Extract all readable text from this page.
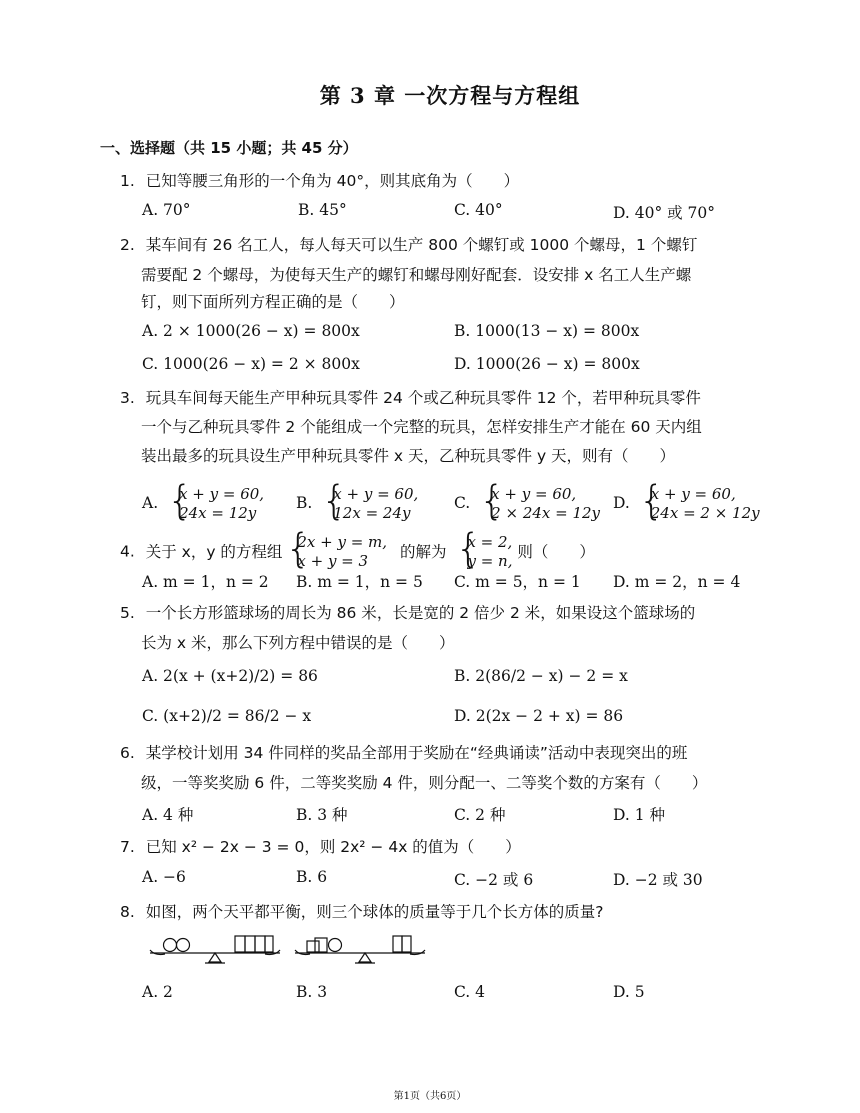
第 3 章 一次方程与方程组
一、选择题（共 15 小题；共 45 分）
1. 已知等腰三角形的一个角为 40°，则其底角为（　　）
A. 70°	B. 45°	C. 40°	D. 40° 或 70°
2. 某车间有 26 名工人，每人每天可以生产 800 个螺钉或 1000 个螺母，1 个螺钉
需要配 2 个螺母，为使每天生产的螺钉和螺母刚好配套．设安排 x 名工人生产螺
钉，则下面所列方程正确的是（　　）
A. 2 × 1000(26 − x) = 800x	B. 1000(13 − x) = 800x
C. 1000(26 − x) = 2 × 800x	D. 1000(26 − x) = 800x
3. 玩具车间每天能生产甲种玩具零件 24 个或乙种玩具零件 12 个，若甲种玩具零件
一个与乙种玩具零件 2 个能组成一个完整的玩具，怎样安排生产才能在 60 天内组
装出最多的玩具设生产甲种玩具零件 x 天，乙种玩具零件 y 天，则有（　　）
A. { x + y = 60,
24x = 12y
B. { x + y = 60,
12x = 24y
C. { x + y = 60,
2 × 24x = 12y
D. { x + y = 60,
24x = 2 × 12y
4. 关于 x，y 的方程组
{ 2x + y = m,
x + y = 3	的解为
{ x = 2,
y = n, 则（　　）
A. m = 1，n = 2 B. m = 1，n = 5 C. m = 5，n = 1 D. m = 2，n = 4
5. 一个长方形篮球场的周长为 86 米，长是宽的 2 倍少 2 米，如果设这个篮球场的
长为 x 米，那么下列方程中错误的是（　　）
A. 2(x + (x+2)/2) = 86	B. 2(86/2 − x) − 2 = x
C. (x+2)/2 = 86/2 − x	D. 2(2x − 2 + x) = 86
6. 某学校计划用 34 件同样的奖品全部用于奖励在“经典诵读”活动中表现突出的班
级，一等奖奖励 6 件，二等奖奖励 4 件，则分配一、二等奖个数的方案有（　　）
A. 4 种	B. 3 种	C. 2 种	D. 1 种
7. 已知 x² − 2x − 3 = 0，则 2x² − 4x 的值为（　　）
A. −6	B. 6	C. −2 或 6	D. −2 或 30
8. 如图，两个天平都平衡，则三个球体的质量等于几个长方体的质量?
A. 2	B. 3	C. 4	D. 5
第1页（共6页）
